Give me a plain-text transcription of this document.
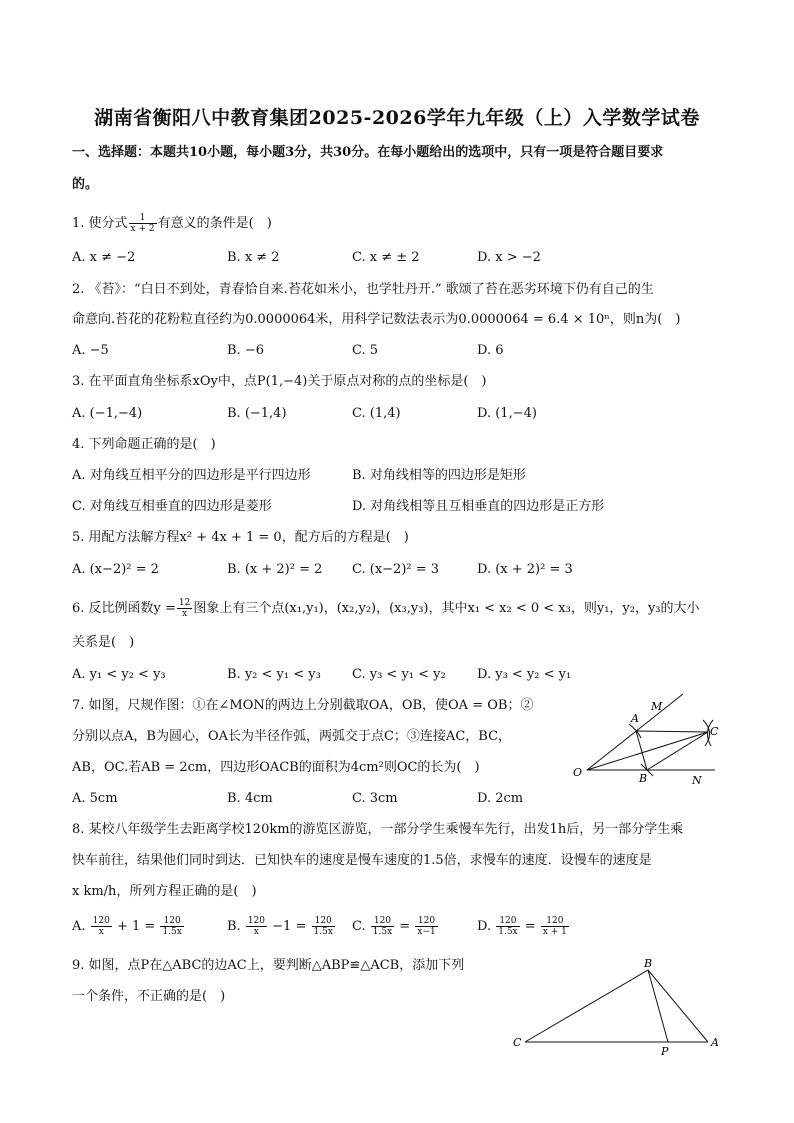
湖南省衡阳八中教育集团2025-2026学年九年级（上）入学数学试卷
一、选择题：本题共10小题，每小题3分，共30分。在每小题给出的选项中，只有一项是符合题目要求
的。
1. 使分式 $\frac{1}{x + 2}$ 有意义的条件是(　)
A. x ≠ −2	B. x ≠ 2	C. x ≠ ± 2	D. x > −2
2. 《苔》：“白日不到处，青春恰自来.苔花如米小，也学牡丹开.” 歌颂了苔在恶劣环境下仍有自己的生
命意向.苔花的花粉粒直径约为0.0000064米，用科学记数法表示为0.0000064 = 6.4 × 10ⁿ，则n为(　)
A. −5	B. −6	C. 5	D. 6
3. 在平面直角坐标系xOy中，点P(1,−4)关于原点对称的点的坐标是(　)
A. (−1,−4)	B. (−1,4)	C. (1,4)	D. (1,−4)
4. 下列命题正确的是(　)
A. 对角线互相平分的四边形是平行四边形	B. 对角线相等的四边形是矩形
C. 对角线互相垂直的四边形是菱形	D. 对角线相等且互相垂直的四边形是正方形
5. 用配方法解方程x² + 4x + 1 = 0，配方后的方程是(　)
A. (x−2)² = 2	B. (x + 2)² = 2 C. (x−2)² = 3	D. (x + 2)² = 3
6. 反比例函数$y = \frac{12}{x}$ 图象上有三个点(x₁,y₁)，(x₂,y₂)，(x₃,y₃)，其中x₁ < x₂ < 0 < x₃，则y₁，y₂，y₃的大小
关系是(　)
A. y₁ < y₂ < y₃	B. y₂ < y₁ < y₃ C. y₃ < y₁ < y₂ D. y₃ < y₂ < y₁
7. 如图，尺规作图：①在∠MON的两边上分别截取OA，OB，使OA = OB；②
分别以点A，B为圆心，OA长为半径作弧，两弧交于点C；③连接AC，BC，
AB，OC.若AB = 2cm，四边形OACB的面积为4cm²则OC的长为(　)
A. 5cm	B. 4cm	C. 3cm	D. 2cm
M
A
C
O	B	N
8. 某校八年级学生去距离学校120km的游览区游览，一部分学生乘慢车先行，出发1h后，另一部分学生乘
快车前往，结果他们同时到达．已知快车的速度是慢车速度的1.5倍，求慢车的速度．设慢车的速度是
x km/h，所列方程正确的是(　)
A. $\frac{120}{x} + 1 = \frac{120}{1.5x}$	B. $\frac{120}{x} -1 = \frac{120}{1.5x} C$. $\frac{120}{1.5x} = \frac{120}{x-1}$	D. $\frac{120}{1.5x} = \frac{120}{x + 1}$
9. 如图，点P在△ABC的边AC上，要判断△ABP≌△ACB，添加下列
一个条件，不正确的是(　)
B
C
P
A
